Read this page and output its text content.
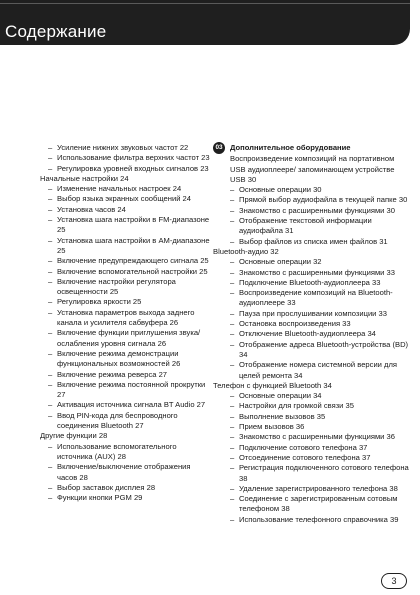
Содержание
– Усиление нижних звуковых частот 22
– Использование фильтра верхних частот 23
– Регулировка уровней входных сигналов 23
Начальные настройки 24
– Изменение начальных настроек 24
– Выбор языка экранных сообщений 24
– Установка часов 24
– Установка шага настройки в FM-диапазоне 25
– Установка шага настройки в AM-диапазоне 25
– Включение предупреждающего сигнала 25
– Включение вспомогательной настройки 25
– Включение настройки регулятора освещенности 25
– Регулировка яркости 25
– Установка параметров выхода заднего канала и усилителя сабвуфера 26
– Включение функции приглушения звука/ослабления уровня сигнала 26
– Включение режима демонстрации функциональных возможностей 26
– Включение режима реверса 27
– Включение режима постоянной прокрутки 27
– Активация источника сигнала BT Audio 27
– Ввод PIN-кода для беспроводного соединения Bluetooth 27
Другие функции 28
– Использование вспомогательного источника (AUX) 28
– Включение/выключение отображения часов 28
– Выбор заставок дисплея 28
– Функции кнопки PGM 29
03 Дополнительное оборудование
Воспроизведение композиций на портативном USB аудиоплеере/ запоминающем устройстве USB 30
– Основные операции 30
– Прямой выбор аудиофайла в текущей папке 30
– Знакомство с расширенными функциями 30
– Отображение текстовой информации аудиофайла 31
– Выбор файлов из списка имен файлов 31
Bluetooth-аудио 32
– Основные операции 32
– Знакомство с расширенными функциями 33
– Подключение Bluetooth-аудиоплеера 33
– Воспроизведение композиций на Bluetooth-аудиоплеере 33
– Пауза при прослушивании композиции 33
– Остановка воспроизведения 33
– Отключение Bluetooth-аудиоплеера 34
– Отображение адреса Bluetooth-устройства (BD) 34
– Отображение номера системной версии для целей ремонта 34
Телефон с функцией Bluetooth 34
– Основные операции 34
– Настройки для громкой связи 35
– Выполнение вызовов 35
– Прием вызовов 36
– Знакомство с расширенными функциями 36
– Подключение сотового телефона 37
– Отсоединение сотового телефона 37
– Регистрация подключенного сотового телефона 38
– Удаление зарегистрированного телефона 38
– Соединение с зарегистрированным сотовым телефоном 38
– Использование телефонного справочника 39
3
